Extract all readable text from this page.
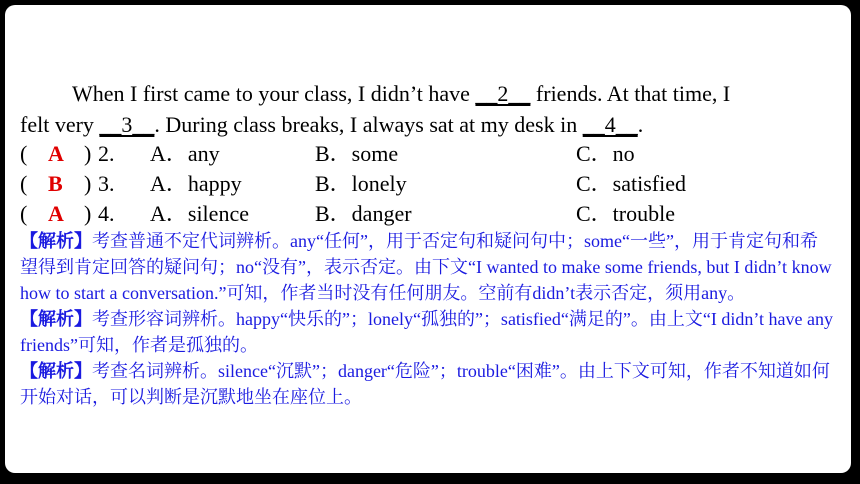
When I first came to your class, I didn’t have __2__ friends. At that time, I

felt very __3__. During class breaks, I always sat at my desk in __4__.

( A ) 2. A．any	B．some	C．no
( B ) 3. A．happy	B．lonely	C．satisfied
( A ) 4. A．silence	B．danger	C．trouble

【解析】考查普通不定代词辨析。any“任何”，用于否定句和疑问句中；some“一些”，用于肯定句和希望得到肯定回答的疑问句；no“没有”，表示否定。由下文“I wanted to make some friends, but I didn’t know how to start a conversation.”可知，作者当时没有任何朋友。空前有didn’t表示否定，须用any。

【解析】考查形容词辨析。happy“快乐的”；lonely“孤独的”；satisfied“满足的”。由上文“I didn’t have any friends”可知，作者是孤独的。

【解析】考查名词辨析。silence“沉默”；danger“危险”；trouble“困难”。由上下文可知，作者不知道如何开始对话，可以判断是沉默地坐在座位上。
